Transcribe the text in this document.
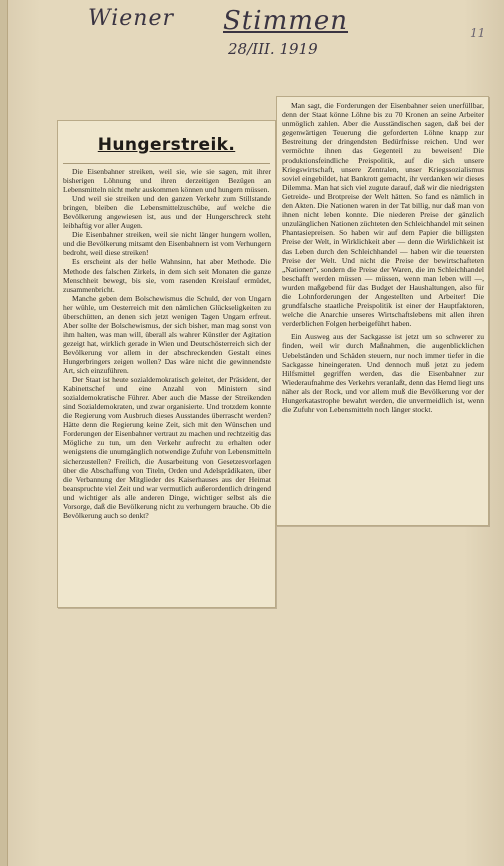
Wiener Stimmen
28/III. 1919
11
Hungerstreik.

Die Eisenbahner streiken, weil sie, wie sie sagen, mit ihrer bisherigen Löhnung und ihren derzeitigen Bezügen an Lebensmitteln nicht mehr auskommen können und hungern müssen.

Und weil sie streiken und den ganzen Verkehr zum Stillstande bringen, bleiben die Lebensmittelzuschübe, auf welche die Bevölkerung angewiesen ist, aus und der Hungerschreck steht leibhaftig vor aller Augen.

Die Eisenbahner streiken, weil sie nicht länger hungern wollen, und die Bevölkerung mitsamt den Eisenbahnern ist vom Verhungern bedroht, weil diese streiken!

Es erscheint als der helle Wahnsinn, hat aber Methode. Die Methode des falschen Zirkels, in dem sich seit Monaten die ganze Menschheit bewegt, bis sie, vom rasenden Kreislauf ermüdet, zusammenbricht.

Manche geben dem Bolschewismus die Schuld, der von Ungarn her wühle, um Oesterreich mit den nämlichen Glückseligkeiten zu überschütten, an denen sich jetzt wenigen Tagen Ungarn erfreut. Aber sollte der Bolschewismus, der sich bisher, man mag sonst von ihm halten, was man will, überall als wahrer Künstler der Agitation gezeigt hat, wirklich gerade in Wien und Deutschösterreich sich der Bevölkerung vor allem in der abschreckenden Gestalt eines Hungerbringers zeigen wollen? Das wäre nicht die gewinnendste Art, sich einzuführen.

Der Staat ist heute sozialdemokratisch geleitet, der Präsident, der Kabinettschef und eine Anzahl von Ministern sind sozialdemokratische Führer. Aber auch die Masse der Streikenden sind Sozialdemokraten, und zwar organisierte. Und trotzdem konnte die Regierung vom Ausbruch dieses Ausstandes überrascht werden? Hätte denn die Regierung keine Zeit, sich mit den Wünschen und Forderungen der Eisenbahner vertraut zu machen und rechtzeitig das Mögliche zu tun, um den Verkehr aufrecht zu erhalten oder wenigstens die unumgänglich notwendige Zufuhr von Lebensmitteln sicherzustellen? Freilich, die Ausarbeitung von Gesetzesvorlagen über die Abschaffung von Titeln, Orden und Adelsprädikaten, über die Verbannung der Mitglieder des Kaiserhauses aus der Heimat beanspruchte viel Zeit und war vermutlich außerordentlich dringend und wichtiger als alle anderen Dinge, wichtiger selbst als die Vorsorge, daß die Bevölkerung nicht zu verhungern brauche. Ob die Bevölkerung auch so denkt?

Man sagt, die Forderungen der Eisenbahner seien unerfüllbar, denn der Staat könne Löhne bis zu 70 Kronen an seine Arbeiter unmöglich zahlen. Aber die Ausständischen sagen, daß bei der gegenwärtigen Teuerung die geforderten Löhne knapp zur Bestreitung der dringendsten Bedürfnisse reichen. Und wer vermöchte ihnen das Gegenteil zu beweisen! Die produktionsfeindliche Preispolitik, auf die sich unsere Kriegswirtschaft, unsere Zentralen, unser Kriegssozialismus soviel eingebildet, hat Bankrott gemacht, ihr verdanken wir dieses Dilemma. Man hat sich viel zugute darauf, daß wir die niedrigsten Getreide- und Brotpreise der Welt hätten. So fand es nämlich in den Akten. Die Nationen waren in der Tat billig, nur daß man von ihnen nicht leben konnte. Die niederen Preise der gänzlich unzulänglichen Nationen züchteten den Schleichhandel mit seinen Phantasiepreisen. So haben wir auf dem Papier die billigsten Preise der Welt, in Wirklichkeit aber — denn die Wirklichkeit ist das Leben durch den Schleichhandel — haben wir die teuersten Preise der Welt. Und nicht die Preise der bewirtschafteten „Nationen“, sondern die Preise der Waren, die im Schleichhandel beschafft werden müssen — müssen, wenn man leben will —, wurden maßgebend für das Budget der Haushaltungen, also für die Lohnforderungen der Angestellten und Arbeiter! Die grundfalsche staatliche Preispolitik ist einer der Hauptfaktoren, welche die Anarchie unseres Wirtschaftslebens mit allen ihren verderblichen Folgen herbeigeführt haben.

Ein Ausweg aus der Sackgasse ist jetzt um so schwerer zu finden, weil wir durch Maßnahmen, die augenblicklichen Uebelständen und Schäden steuern, nur noch immer tiefer in die Sackgasse hineingeraten. Und dennoch muß jetzt zu jedem Hilfsmittel gegriffen werden, das die Eisenbahner zur Wiederaufnahme des Verkehrs veranlaßt, denn das Hemd liegt uns näher als der Rock, und vor allem muß die Bevölkerung vor der Hungerkatastrophe bewahrt werden, die unvermeidlich ist, wenn die Zufuhr von Lebensmitteln noch länger stockt.
